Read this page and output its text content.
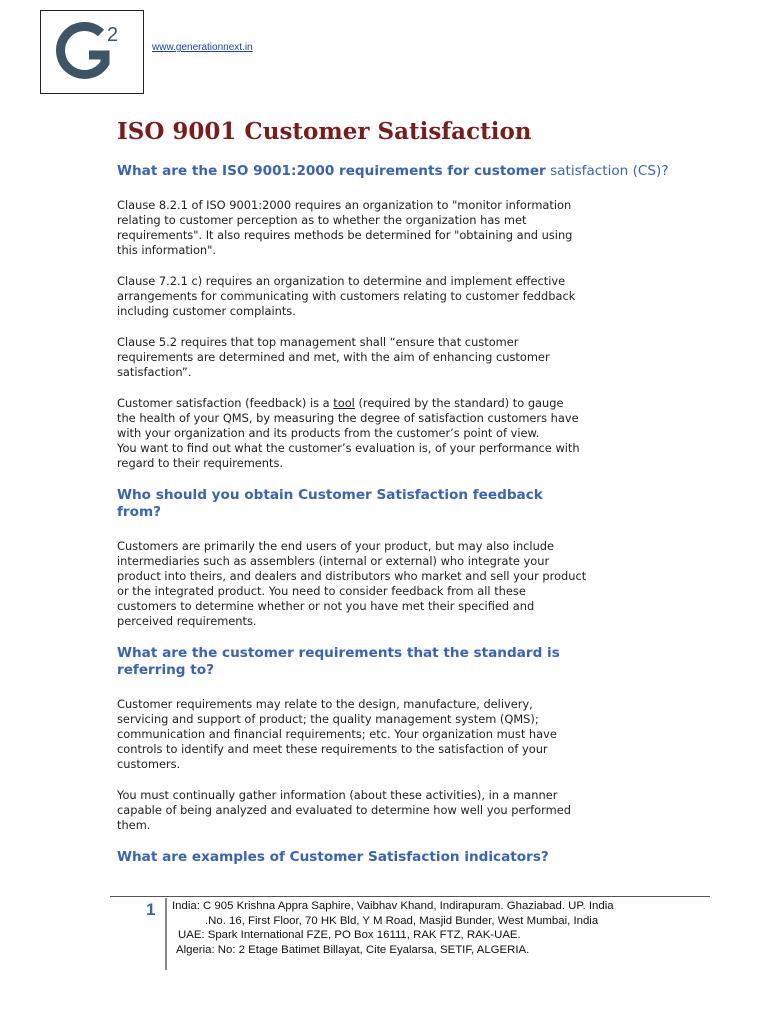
2
www.generationnext.in
ISO 9001 Customer Satisfaction
What are the ISO 9001:2000 requirements for customer satisfaction (CS)?
Clause 8.2.1 of ISO 9001:2000 requires an organization to "monitor information
relating to customer perception as to whether the organization has met
requirements". It also requires methods be determined for "obtaining and using
this information".
Clause 7.2.1 c) requires an organization to determine and implement effective
arrangements for communicating with customers relating to customer feddback
including customer complaints.
Clause 5.2 requires that top management shall “ensure that customer
requirements are determined and met, with the aim of enhancing customer
satisfaction”.
Customer satisfaction (feedback) is a tool (required by the standard) to gauge
the health of your QMS, by measuring the degree of satisfaction customers have
with your organization and its products from the customer’s point of view.
You want to find out what the customer’s evaluation is, of your performance with
regard to their requirements.
Who should you obtain Customer Satisfaction feedback
from?
Customers are primarily the end users of your product, but may also include
intermediaries such as assemblers (internal or external) who integrate your
product into theirs, and dealers and distributors who market and sell your product
or the integrated product. You need to consider feedback from all these
customers to determine whether or not you have met their specified and
perceived requirements.
What are the customer requirements that the standard is
referring to?
Customer requirements may relate to the design, manufacture, delivery,
servicing and support of product; the quality management system (QMS);
communication and financial requirements; etc. Your organization must have
controls to identify and meet these requirements to the satisfaction of your
customers.
You must continually gather information (about these activities), in a manner
capable of being analyzed and evaluated to determine how well you performed
them.
What are examples of Customer Satisfaction indicators?
1 India: C 905 Krishna Appra Saphire, Vaibhav Khand, Indirapuram. Ghaziabad. UP. India
.No. 16, First Floor, 70 HK Bld, Y M Road, Masjid Bunder, West Mumbai, India
UAE: Spark International FZE, PO Box 16111, RAK FTZ, RAK-UAE.
Algeria: No: 2 Etage Batimet Billayat, Cite Eyalarsa, SETIF, ALGERIA.
